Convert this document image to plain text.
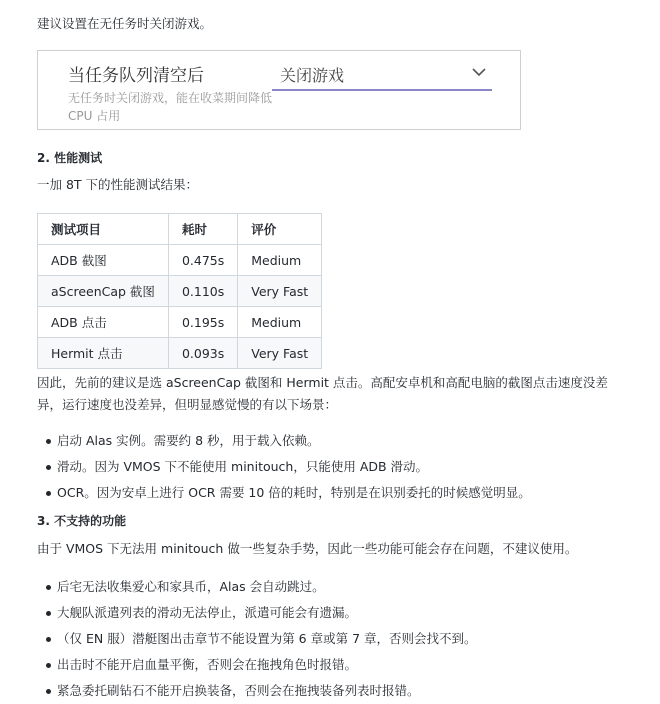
建议设置在无任务时关闭游戏。
当任务队列清空后
无任务时关闭游戏，能在收菜期间降低 CPU 占用
关闭游戏
2. 性能测试
一加 8T 下的性能测试结果：
测试项目	耗时	评价
ADB 截图	0.475s	Medium
aScreenCap 截图	0.110s	Very Fast
ADB 点击	0.195s	Medium
Hermit 点击	0.093s	Very Fast
因此，先前的建议是选 aScreenCap 截图和 Hermit 点击。高配安卓机和高配电脑的截图点击速度没差
异，运行速度也没差异，但明显感觉慢的有以下场景：
启动 Alas 实例。需要约 8 秒，用于载入依赖。
滑动。因为 VMOS 下不能使用 minitouch，只能使用 ADB 滑动。
OCR。因为安卓上进行 OCR 需要 10 倍的耗时，特别是在识别委托的时候感觉明显。
3. 不支持的功能
由于 VMOS 下无法用 minitouch 做一些复杂手势，因此一些功能可能会存在问题，不建议使用。
后宅无法收集爱心和家具币，Alas 会自动跳过。
大舰队派遣列表的滑动无法停止，派遣可能会有遗漏。
（仅 EN 服）潜艇图出击章节不能设置为第 6 章或第 7 章，否则会找不到。
出击时不能开启血量平衡，否则会在拖拽角色时报错。
紧急委托刷钻石不能开启换装备，否则会在拖拽装备列表时报错。
